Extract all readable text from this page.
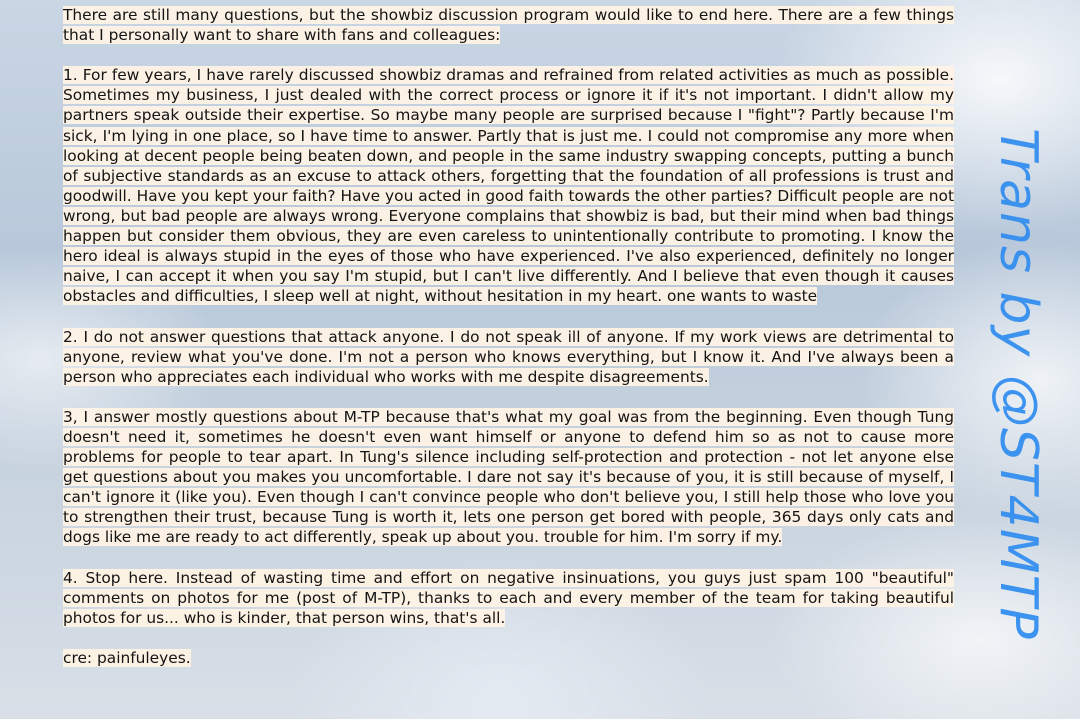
There are still many questions, but the showbiz discussion program would like to end here. There are a few things that I personally want to share with fans and colleagues:

1. For few years, I have rarely discussed showbiz dramas and refrained from related activities as much as possible. Sometimes my business, I just dealed with the correct process or ignore it if it's not important. I didn't allow my partners speak outside their expertise. So maybe many people are surprised because I "fight"? Partly because I'm sick, I'm lying in one place, so I have time to answer. Partly that is just me. I could not compromise any more when looking at decent people being beaten down, and people in the same industry swapping concepts, putting a bunch of subjective standards as an excuse to attack others, forgetting that the foundation of all professions is trust and goodwill. Have you kept your faith? Have you acted in good faith towards the other parties? Difficult people are not wrong, but bad people are always wrong. Everyone complains that showbiz is bad, but their mind when bad things happen but consider them obvious, they are even careless to unintentionally contribute to promoting. I know the hero ideal is always stupid in the eyes of those who have experienced. I've also experienced, definitely no longer naive, I can accept it when you say I'm stupid, but I can't live differently. And I believe that even though it causes obstacles and difficulties, I sleep well at night, without hesitation in my heart. one wants to waste

2. I do not answer questions that attack anyone. I do not speak ill of anyone. If my work views are detrimental to anyone, review what you've done. I'm not a person who knows everything, but I know it. And I've always been a person who appreciates each individual who works with me despite disagreements.

3, I answer mostly questions about M-TP because that's what my goal was from the beginning. Even though Tung doesn't need it, sometimes he doesn't even want himself or anyone to defend him so as not to cause more problems for people to tear apart. In Tung's silence including self-protection and protection - not let anyone else get questions about you makes you uncomfortable. I dare not say it's because of you, it is still because of myself, I can't ignore it (like you). Even though I can't convince people who don't believe you, I still help those who love you to strengthen their trust, because Tung is worth it, lets one person get bored with people, 365 days only cats and dogs like me are ready to act differently, speak up about you. trouble for him. I'm sorry if my.

4. Stop here. Instead of wasting time and effort on negative insinuations, you guys just spam 100 "beautiful" comments on photos for me (post of M-TP), thanks to each and every member of the team for taking beautiful photos for us... who is kinder, that person wins, that's all.

cre: painfuleyes.

Trans by @ST4MTP
